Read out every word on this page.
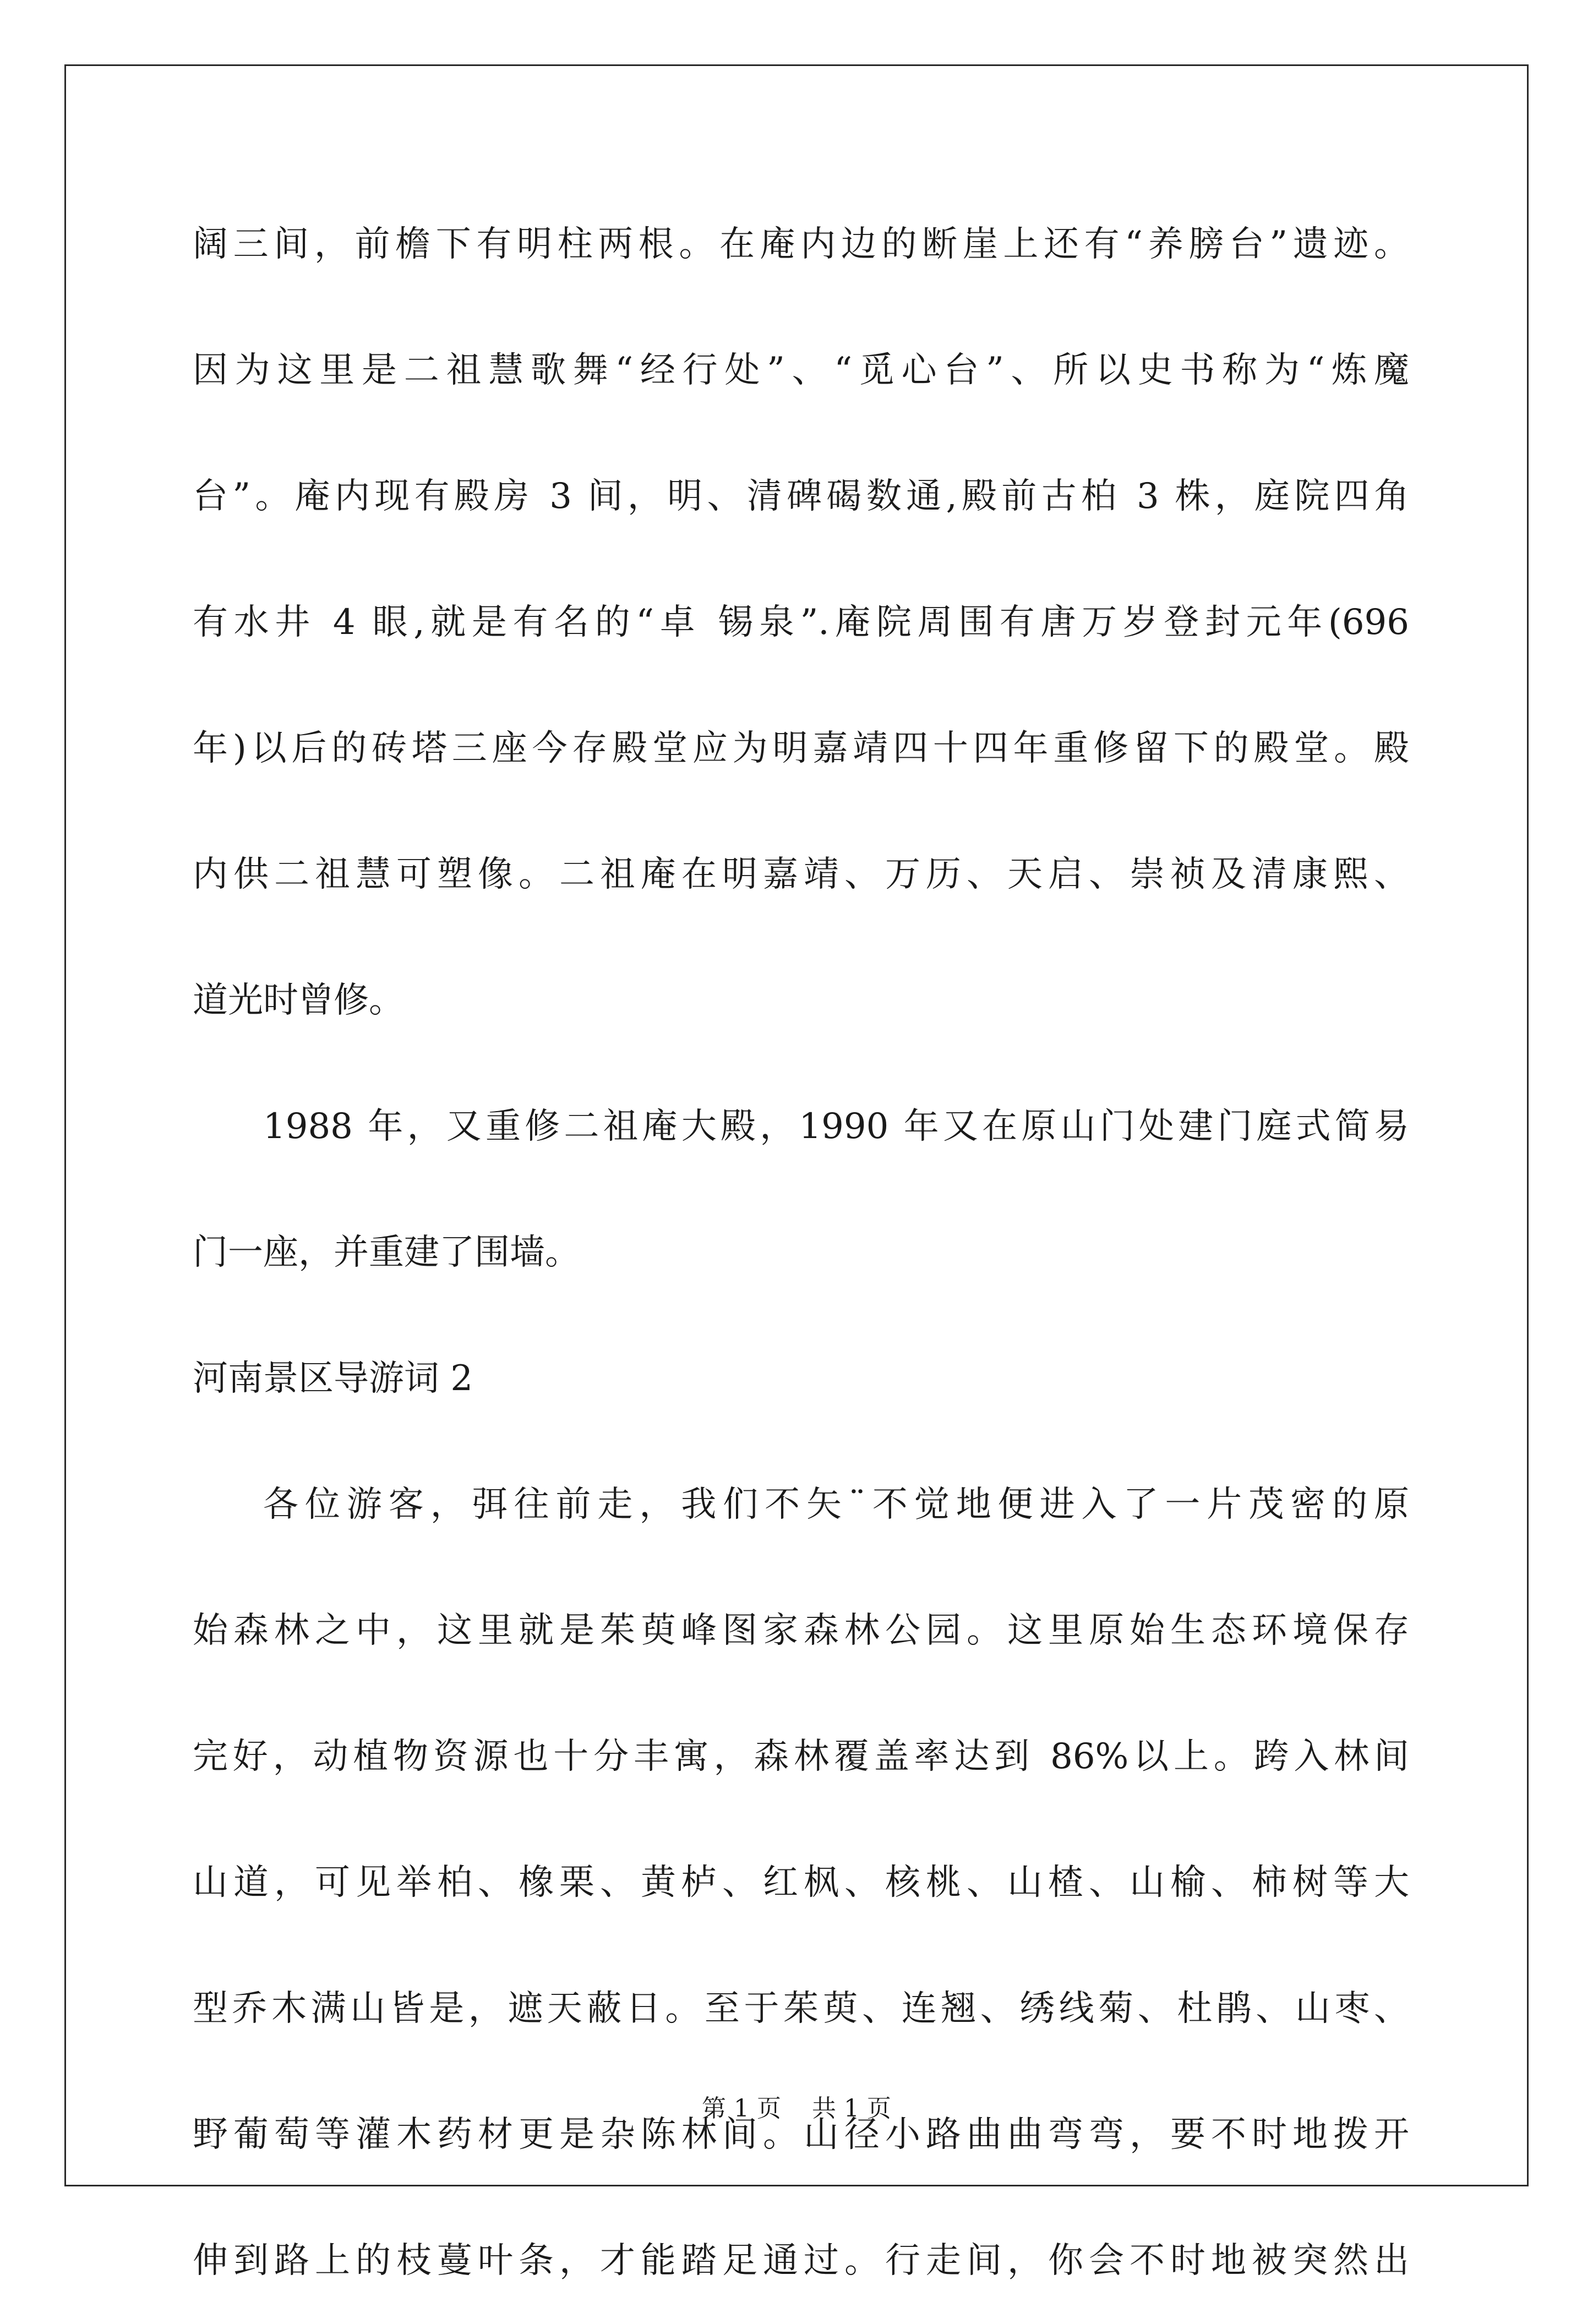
阔三间，前檐下有明柱两根。在庵内边的断崖上还有“养膀台”遗迹。
因为这里是二祖慧歌舞“经行处”、“觅心台”、所以史书称为“炼魔
台”。庵内现有殿房 3 间，明、清碑碣数通,殿前古柏 3 株，庭院四角
有水井 4 眼,就是有名的“卓 锡泉”.庵院周围有唐万岁登封元年(696
年)以后的砖塔三座今存殿堂应为明嘉靖四十四年重修留下的殿堂。殿
内供二祖慧可塑像。二祖庵在明嘉靖、万历、天启、崇祯及清康熙、
道光时曾修。
1988 年，又重修二祖庵大殿，1990 年又在原山门处建门庭式简易
门一座，并重建了围墙。
河南景区导游词 2
各位游客，弭往前走，我们不矢¨不觉地便进入了一片茂密的原
始森林之中，这里就是茱萸峰图家森林公园。这里原始生态环境保存
完好，动植物资源也十分丰寓，森林覆盖率达到 86%以上。跨入林间
山道，可见举柏、橡栗、黄栌、红枫、核桃、山楂、山榆、柿树等大
型乔木满山皆是，遮天蔽日。至于茱萸、连翘、绣线菊、杜鹃、山枣、
野葡萄等灌木药材更是杂陈林间。山径小路曲曲弯弯，要不时地拨开
伸到路上的枝蔓叶条，才能踏足通过。行走间，你会不时地被突然出
第 1 页    共 1 页
